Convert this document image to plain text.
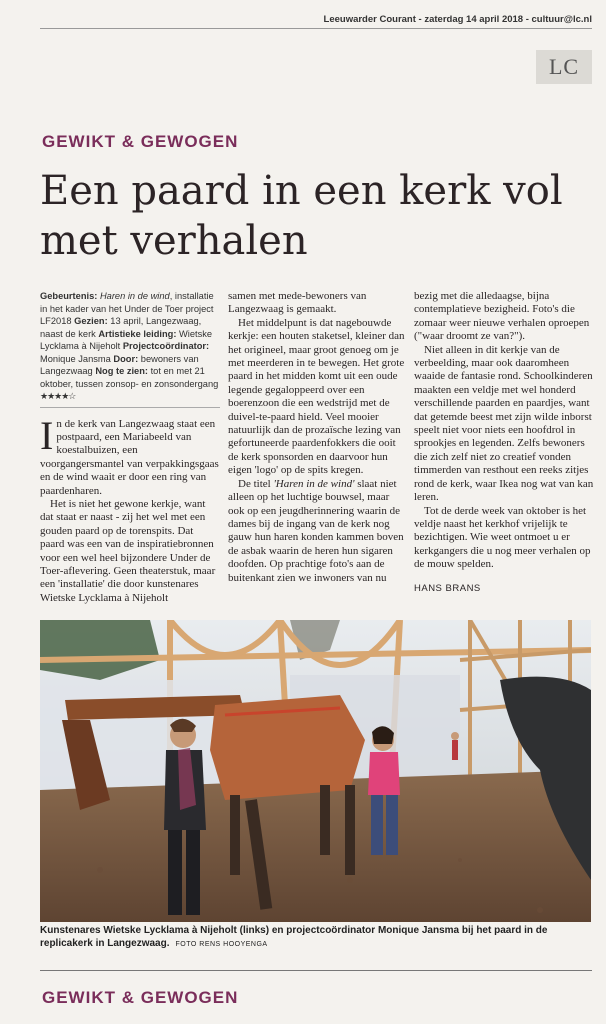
Leeuwarder Courant - zaterdag 14 april 2018 - cultuur@lc.nl
LC
GEWIKT & GEWOGEN
Een paard in een kerk vol met verhalen
Gebeurtenis: Haren in de wind, installatie in het kader van het Under de Toer project LF2018 Gezien: 13 april, Langezwaag, naast de kerk Artistieke leiding: Wietske Lycklama à Nijeholt Projectcoördinator: Monique Jansma Door: bewoners van Langezwaag Nog te zien: tot en met 21 oktober, tussen zonsop- en zonsondergang
★★★★☆

In de kerk van Langezwaag staat een postpaard, een Mariabeeld van koestalbuizen, een voorgangersmantel van verpakkingsgaas en de wind waait er door een ring van paardenharen.

Het is niet het gewone kerkje, want dat staat er naast - zij het wel met een gouden paard op de torenspits. Dat paard was een van de inspiratiebronnen voor een wel heel bijzondere Under de Toer-aflevering. Geen theaterstuk, maar een 'installatie' die door kunstenares Wietske Lycklama à Nijeholt

samen met mede-bewoners van Langezwaag is gemaakt.

Het middelpunt is dat nagebouwde kerkje: een houten staketsel, kleiner dan het origineel, maar groot genoeg om je met meerderen in te bewegen. Het grote paard in het midden komt uit een oude legende gegaloppeerd over een boerenzoon die een wedstrijd met de duivel-te-paard hield. Veel mooier natuurlijk dan de prozaïsche lezing van gefortuneerde paardenfokkers die ooit de kerk sponsorden en daarvoor hun eigen 'logo' op de spits kregen.

De titel 'Haren in de wind' slaat niet alleen op het luchtige bouwsel, maar ook op een jeugdherinnering waarin de dames bij de ingang van de kerk nog gauw hun haren konden kammen boven de asbak waarin de heren hun sigaren doofden. Op prachtige foto's aan de buitenkant zien we inwoners van nu

bezig met die alledaagse, bijna contemplatieve bezigheid. Foto's die zomaar weer nieuwe verhalen oproepen ("waar droomt ze van?").

Niet alleen in dit kerkje van de verbeelding, maar ook daaromheen waaide de fantasie rond. Schoolkinderen maakten een veldje met wel honderd verschillende paarden en paardjes, want dat getemde beest met zijn wilde inborst speelt niet voor niets een hoofdrol in sprookjes en legenden. Zelfs bewoners die zich zelf niet zo creatief vonden timmerden van resthout een reeks zitjes rond de kerk, waar Ikea nog wat van kan leren.

Tot de derde week van oktober is het veldje naast het kerkhof vrijelijk te bezichtigen. Wie weet ontmoet u er kerkgangers die u nog meer verhalen op de mouw spelden.

HANS BRANS

Kunstenares Wietske Lycklama à Nijeholt (links) en projectcoördinator Monique Jansma bij het paard in de replicakerk in Langezwaag. FOTO RENS HOOYENGA
GEWIKT & GEWOGEN
